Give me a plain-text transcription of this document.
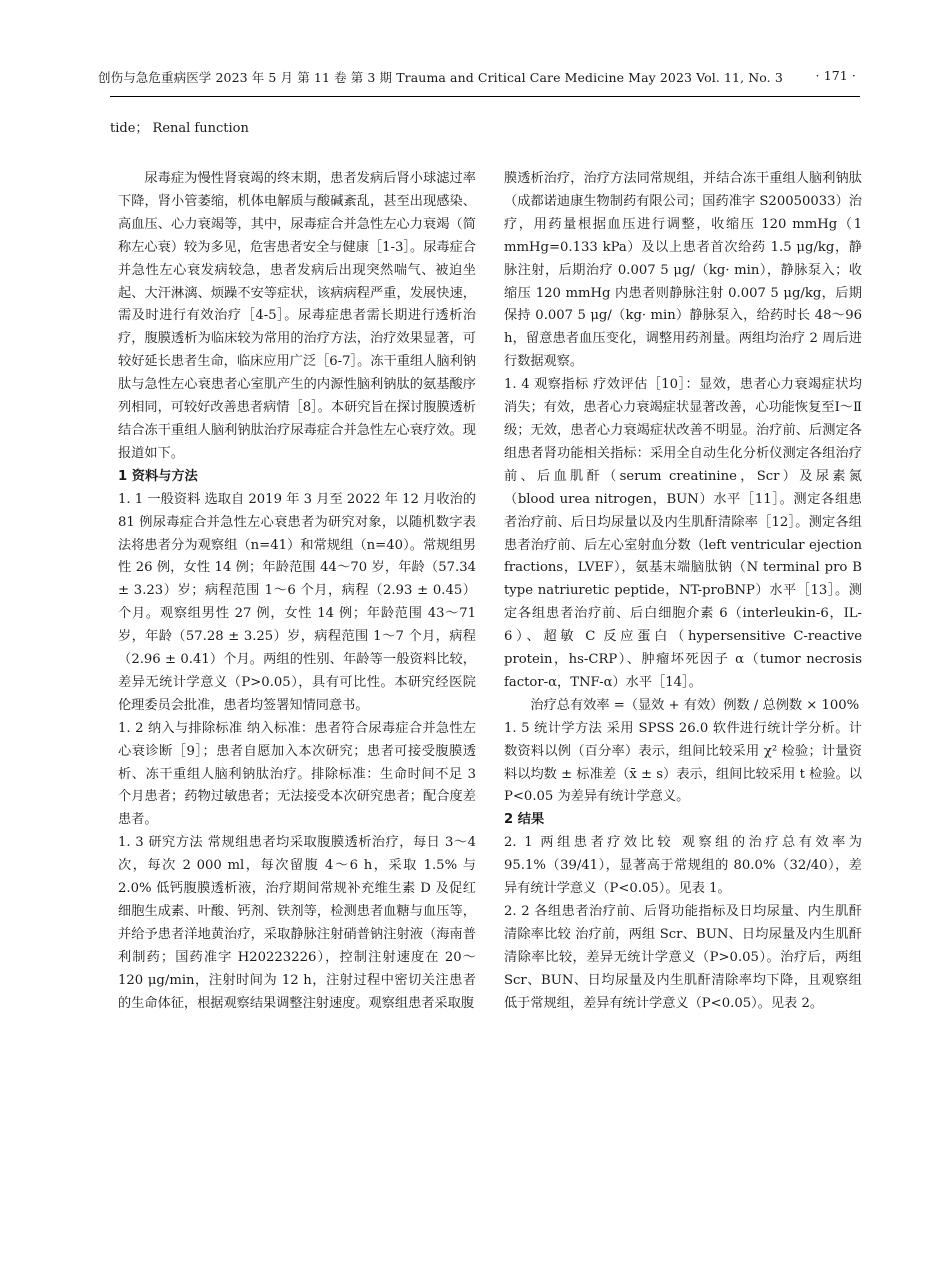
创伤与急危重病医学 2023 年 5 月 第 11 卷 第 3 期 Trauma and Critical Care Medicine May 2023 Vol. 11, No. 3	· 171 ·
tide； Renal function

尿毒症为慢性肾衰竭的终末期，患者发病后肾小球滤过率下降，肾小管萎缩，机体电解质与酸碱紊乱，甚至出现感染、高血压、心力衰竭等，其中，尿毒症合并急性左心力衰竭（简称左心衰）较为多见，危害患者安全与健康［1-3］。尿毒症合并急性左心衰发病较急，患者发病后出现突然喘气、被迫坐起、大汗淋漓、烦躁不安等症状，该病病程严重，发展快速，需及时进行有效治疗［4-5］。尿毒症患者需长期进行透析治疗，腹膜透析为临床较为常用的治疗方法，治疗效果显著，可较好延长患者生命，临床应用广泛［6-7］。冻干重组人脑利钠肽与急性左心衰患者心室肌产生的内源性脑利钠肽的氨基酸序列相同，可较好改善患者病情［8］。本研究旨在探讨腹膜透析结合冻干重组人脑利钠肽治疗尿毒症合并急性左心衰疗效。现报道如下。

1 资料与方法

1. 1 一般资料 选取自 2019 年 3 月至 2022 年 12 月收治的 81 例尿毒症合并急性左心衰患者为研究对象，以随机数字表法将患者分为观察组（n=41）和常规组（n=40）。常规组男性 26 例，女性 14 例；年龄范围 44～70 岁，年龄（57.34 ± 3.23）岁；病程范围 1～6 个月，病程（2.93 ± 0.45）个月。观察组男性 27 例，女性 14 例；年龄范围 43～71 岁，年龄（57.28 ± 3.25）岁，病程范围 1～7 个月，病程（2.96 ± 0.41）个月。两组的性别、年龄等一般资料比较，差异无统计学意义（P>0.05），具有可比性。本研究经医院伦理委员会批准，患者均签署知情同意书。

1. 2 纳入与排除标准 纳入标准：患者符合尿毒症合并急性左心衰诊断［9］；患者自愿加入本次研究；患者可接受腹膜透析、冻干重组人脑利钠肽治疗。排除标准：生命时间不足 3 个月患者；药物过敏患者；无法接受本次研究患者；配合度差患者。

1. 3 研究方法 常规组患者均采取腹膜透析治疗，每日 3～4 次，每次 2 000 ml，每次留腹 4～6 h，采取 1.5% 与 2.0% 低钙腹膜透析液，治疗期间常规补充维生素 D 及促红细胞生成素、叶酸、钙剂、铁剂等，检测患者血糖与血压等，并给予患者洋地黄治疗，采取静脉注射硝普钠注射液（海南普利制药；国药准字 H20223226），控制注射速度在 20～120 μg/min，注射时间为 12 h，注射过程中密切关注患者的生命体征，根据观察结果调整注射速度。观察组患者采取腹

膜透析治疗，治疗方法同常规组，并结合冻干重组人脑利钠肽（成都诺迪康生物制药有限公司；国药准字 S20050033）治疗，用药量根据血压进行调整，收缩压 120 mmHg（1 mmHg=0.133 kPa）及以上患者首次给药 1.5 μg/kg，静脉注射，后期治疗 0.007 5 μg/（kg· min），静脉泵入；收缩压 120 mmHg 内患者则静脉注射 0.007 5 μg/kg，后期保持 0.007 5 μg/（kg· min）静脉泵入，给药时长 48～96 h，留意患者血压变化，调整用药剂量。两组均治疗 2 周后进行数据观察。

1. 4 观察指标 疗效评估［10］：显效，患者心力衰竭症状均消失；有效，患者心力衰竭症状显著改善，心功能恢复至Ⅰ～Ⅱ级；无效，患者心力衰竭症状改善不明显。治疗前、后测定各组患者肾功能相关指标：采用全自动生化分析仪测定各组治疗前、后血肌酐（serum creatinine，Scr）及尿素氮（blood urea nitrogen，BUN）水平［11］。测定各组患者治疗前、后日均尿量以及内生肌酐清除率［12］。测定各组患者治疗前、后左心室射血分数（left ventricular ejection fractions，LVEF），氨基末端脑肽钠（N terminal pro B type natriuretic peptide，NT-proBNP）水平［13］。测定各组患者治疗前、后白细胞介素 6（interleukin-6，IL-6）、超敏 C 反应蛋白（hypersensitive C-reactive protein，hs-CRP）、肿瘤坏死因子 α（tumor necrosis factor-α，TNF-α）水平［14］。

治疗总有效率 =（显效 + 有效）例数 / 总例数 × 100%

1. 5 统计学方法 采用 SPSS 26.0 软件进行统计学分析。计数资料以例（百分率）表示，组间比较采用 χ² 检验；计量资料以均数 ± 标准差（x̄ ± s）表示，组间比较采用 t 检验。以 P<0.05 为差异有统计学意义。

2 结果

2. 1 两组患者疗效比较 观察组的治疗总有效率为 95.1%（39/41），显著高于常规组的 80.0%（32/40），差异有统计学意义（P<0.05）。见表 1。

2. 2 各组患者治疗前、后肾功能指标及日均尿量、内生肌酐清除率比较 治疗前，两组 Scr、BUN、日均尿量及内生肌酐清除率比较，差异无统计学意义（P>0.05）。治疗后，两组 Scr、BUN、日均尿量及内生肌酐清除率均下降，且观察组低于常规组，差异有统计学意义（P<0.05）。见表 2。
